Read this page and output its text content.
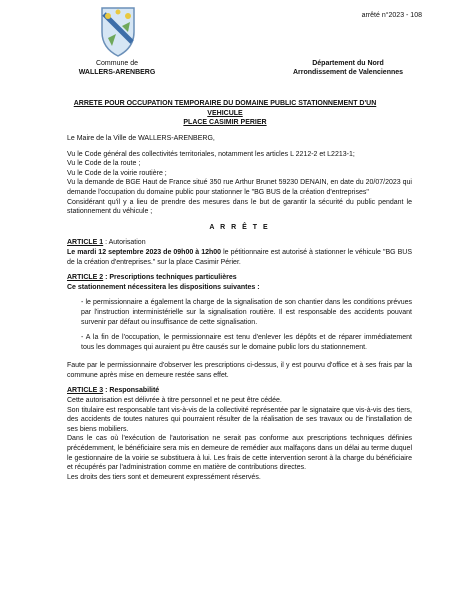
arrêté n°2023 - 108
Commune de
WALLERS-ARENBERG
Département du Nord
Arrondissement de Valenciennes
ARRETE POUR OCCUPATION TEMPORAIRE DU DOMAINE PUBLIC STATIONNEMENT D'UN VEHICULE
PLACE CASIMIR PERIER

Le Maire de la Ville de WALLERS-ARENBERG,

Vu le Code général des collectivités territoriales, notamment les articles L 2212-2 et L2213-1;

Vu le Code de la route ;

Vu le Code de la voirie routière ;

Vu la demande de BGE Haut de France situé 350 rue Arthur Brunet 59230 DENAIN, en date du 20/07/2023 qui demande l'occupation du domaine public pour stationner le "BG BUS de la création d'entreprises"

Considérant qu'il y a lieu de prendre des mesures dans le but de garantir la sécurité du public pendant le stationnement du véhicule ;

A R R Ê T E

ARTICLE 1 : Autorisation

Le mardi 12 septembre 2023 de 09h00 à 12h00 le pétitionnaire est autorisé à stationner le véhicule "BG BUS de la création d'entreprises." sur la place Casimir Périer.

ARTICLE 2 : Prescriptions techniques particulières

Ce stationnement nécessitera les dispositions suivantes :

- le permissionnaire a également la charge de la signalisation de son chantier dans les conditions prévues par l'instruction interministérielle sur la signalisation routière. Il est responsable des accidents pouvant survenir par défaut ou insuffisance de cette signalisation.

- A la fin de l'occupation, le permissionnaire est tenu d'enlever les dépôts et de réparer immédiatement tous les dommages qui auraient pu être causés sur le domaine public lors du stationnement.

Faute par le permissionnaire d'observer les prescriptions ci-dessus, il y est pourvu d'office et à ses frais par la commune après mise en demeure restée sans effet.

ARTICLE 3 : Responsabilité

Cette autorisation est délivrée à titre personnel et ne peut être cédée.

Son titulaire est responsable tant vis-à-vis de la collectivité représentée par le signataire que vis-à-vis des tiers, des accidents de toutes natures qui pourraient résulter de la réalisation de ses travaux ou de l'installation de ses biens mobiliers.

Dans le cas où l'exécution de l'autorisation ne serait pas conforme aux prescriptions techniques définies précédemment, le bénéficiaire sera mis en demeure de remédier aux malfaçons dans un délai au terme duquel le gestionnaire de la voirie se substituera à lui. Les frais de cette intervention seront à la charge du bénéficiaire et récupérés par l'administration comme en matière de contributions directes.

Les droits des tiers sont et demeurent expressément réservés.
